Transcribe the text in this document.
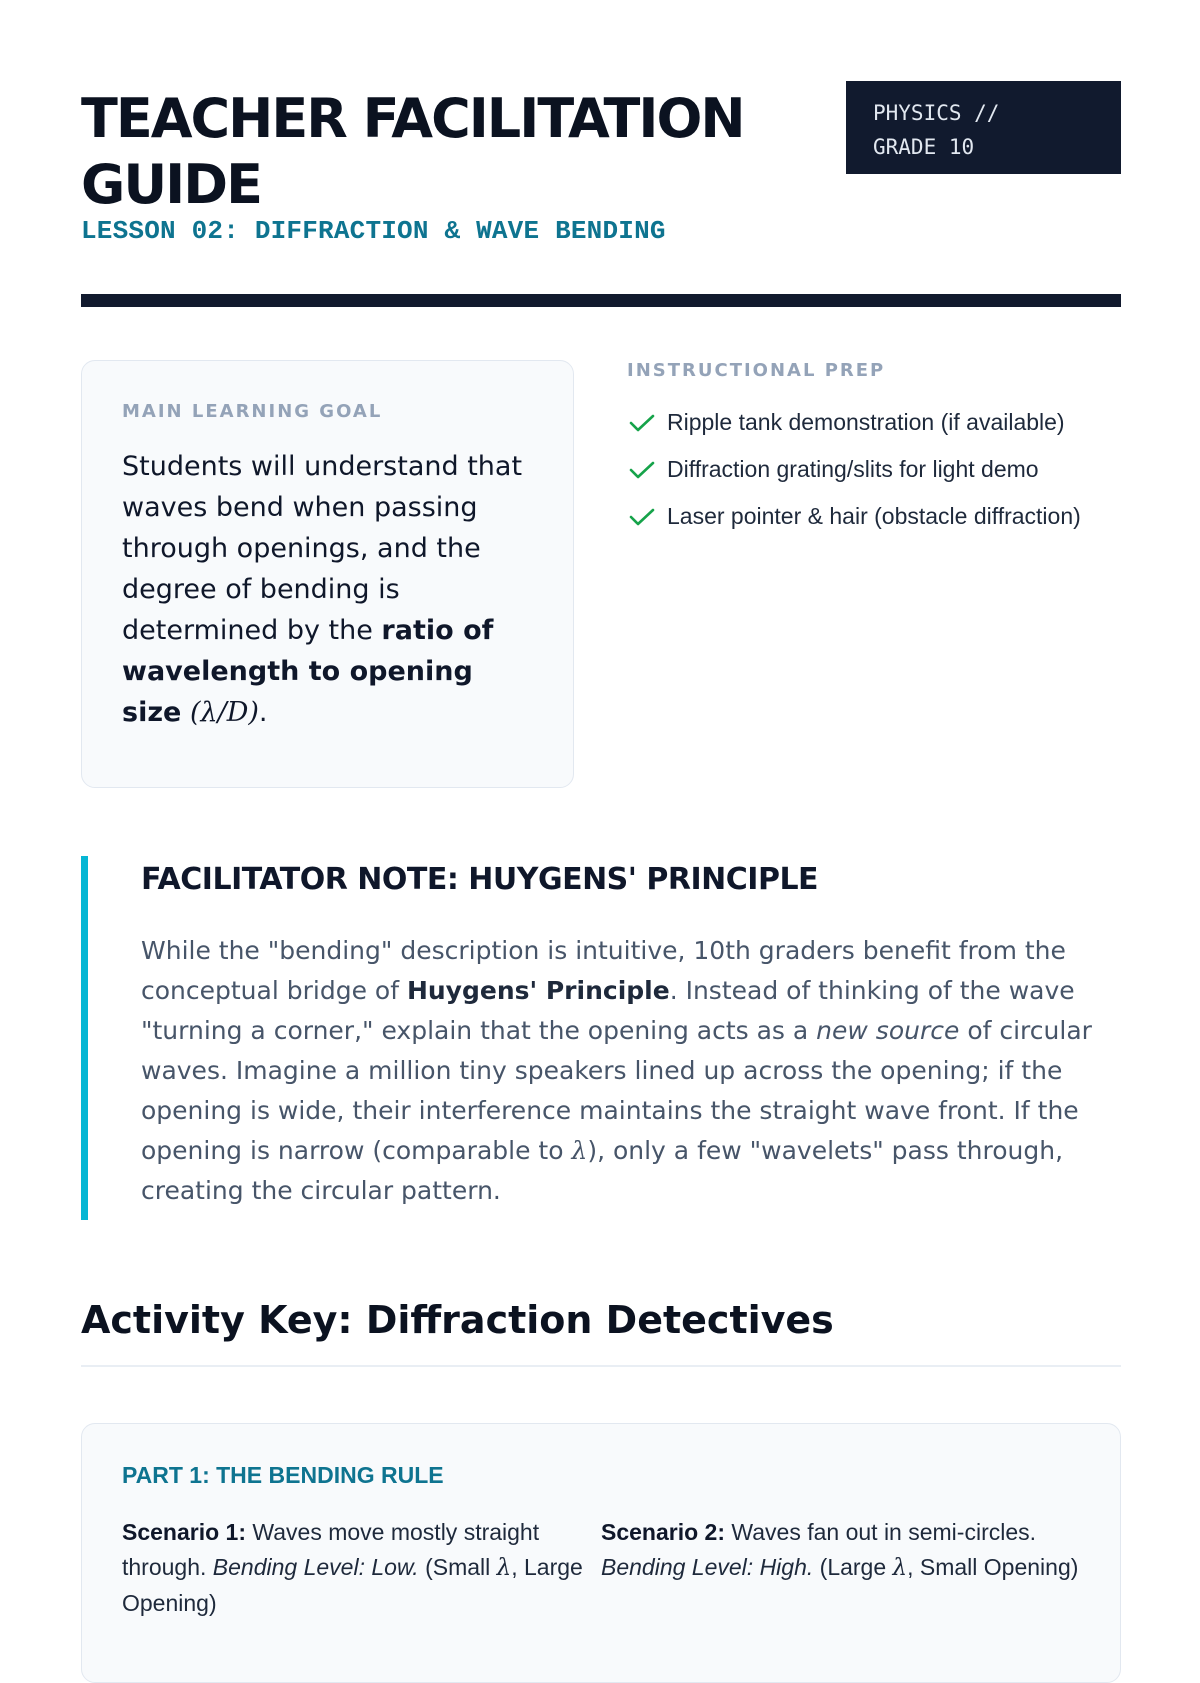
TEACHER FACILITATION GUIDE
PHYSICS //
GRADE 10
LESSON 02: DIFFRACTION & WAVE BENDING
MAIN LEARNING GOAL
Students will understand that waves bend when passing through openings, and the degree of bending is determined by the ratio of wavelength to opening size (λ/D).
INSTRUCTIONAL PREP
Ripple tank demonstration (if available)
Diffraction grating/slits for light demo
Laser pointer & hair (obstacle diffraction)
FACILITATOR NOTE: HUYGENS' PRINCIPLE
While the "bending" description is intuitive, 10th graders benefit from the conceptual bridge of Huygens' Principle. Instead of thinking of the wave "turning a corner," explain that the opening acts as a new source of circular waves. Imagine a million tiny speakers lined up across the opening; if the opening is wide, their interference maintains the straight wave front. If the opening is narrow (comparable to λ), only a few "wavelets" pass through, creating the circular pattern.
Activity Key: Diffraction Detectives
PART 1: THE BENDING RULE
Scenario 1: Waves move mostly straight through. Bending Level: Low. (Small λ, Large Opening)
Scenario 2: Waves fan out in semi-circles. Bending Level: High. (Large λ, Small Opening)
